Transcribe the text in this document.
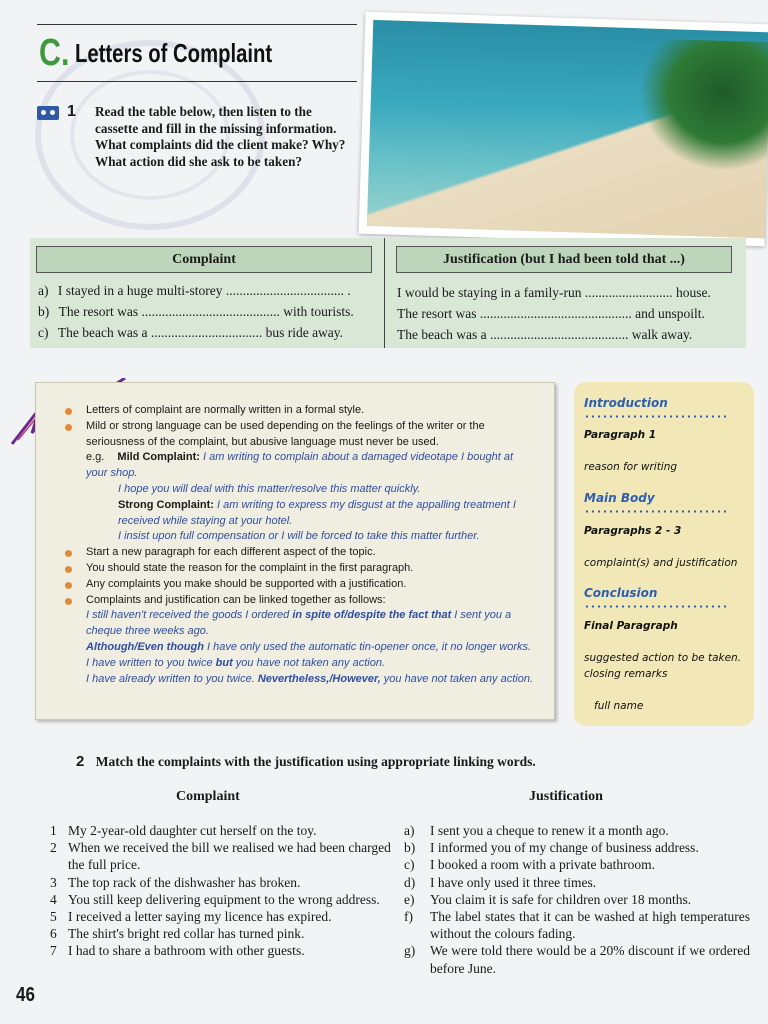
C. Letters of Complaint
1 Read the table below, then listen to the cassette and fill in the missing information. What complaints did the client make? Why? What action did she ask to be taken?
Complaint	Justification (but I had been told that ...)
a) I stayed in a huge multi-storey ................................... .
b) The resort was ......................................... with tourists.
c) The beach was a ................................. bus ride away.
I would be staying in a family-run .......................... house.
The resort was ............................................. and unspoilt.
The beach was a ......................................... walk away.
Letters of complaint are normally written in a formal style.
Mild or strong language can be used depending on the feelings of the writer or the seriousness of the complaint, but abusive language must never be used.
e.g. Mild Complaint: I am writing to complain about a damaged videotape I bought at your shop.
I hope you will deal with this matter/resolve this matter quickly.
Strong Complaint: I am writing to express my disgust at the appalling treatment I received while staying at your hotel.
I insist upon full compensation or I will be forced to take this matter further.
Start a new paragraph for each different aspect of the topic.
You should state the reason for the complaint in the first paragraph.
Any complaints you make should be supported with a justification.
Complaints and justification can be linked together as follows:
I still haven't received the goods I ordered in spite of/despite the fact that I sent you a cheque three weeks ago.
Although/Even though I have only used the automatic tin-opener once, it no longer works. I have written to you twice but you have not taken any action.
I have already written to you twice. Nevertheless,/However, you have not taken any action.
Introduction
Paragraph 1
reason for writing
Main Body
Paragraphs 2 - 3
complaint(s) and justification
Conclusion
Final Paragraph
suggested action to be taken.
closing remarks
full name
2 Match the complaints with the justification using appropriate linking words.
Complaint	Justification
1 My 2-year-old daughter cut herself on the toy.
2 When we received the bill we realised we had been charged the full price.
3 The top rack of the dishwasher has broken.
4 You still keep delivering equipment to the wrong address.
5 I received a letter saying my licence has expired.
6 The shirt's bright red collar has turned pink.
7 I had to share a bathroom with other guests.
a) I sent you a cheque to renew it a month ago.
b) I informed you of my change of business address.
c) I booked a room with a private bathroom.
d) I have only used it three times.
e) You claim it is safe for children over 18 months.
f) The label states that it can be washed at high temperatures without the colours fading.
g) We were told there would be a 20% discount if we ordered before June.
46
